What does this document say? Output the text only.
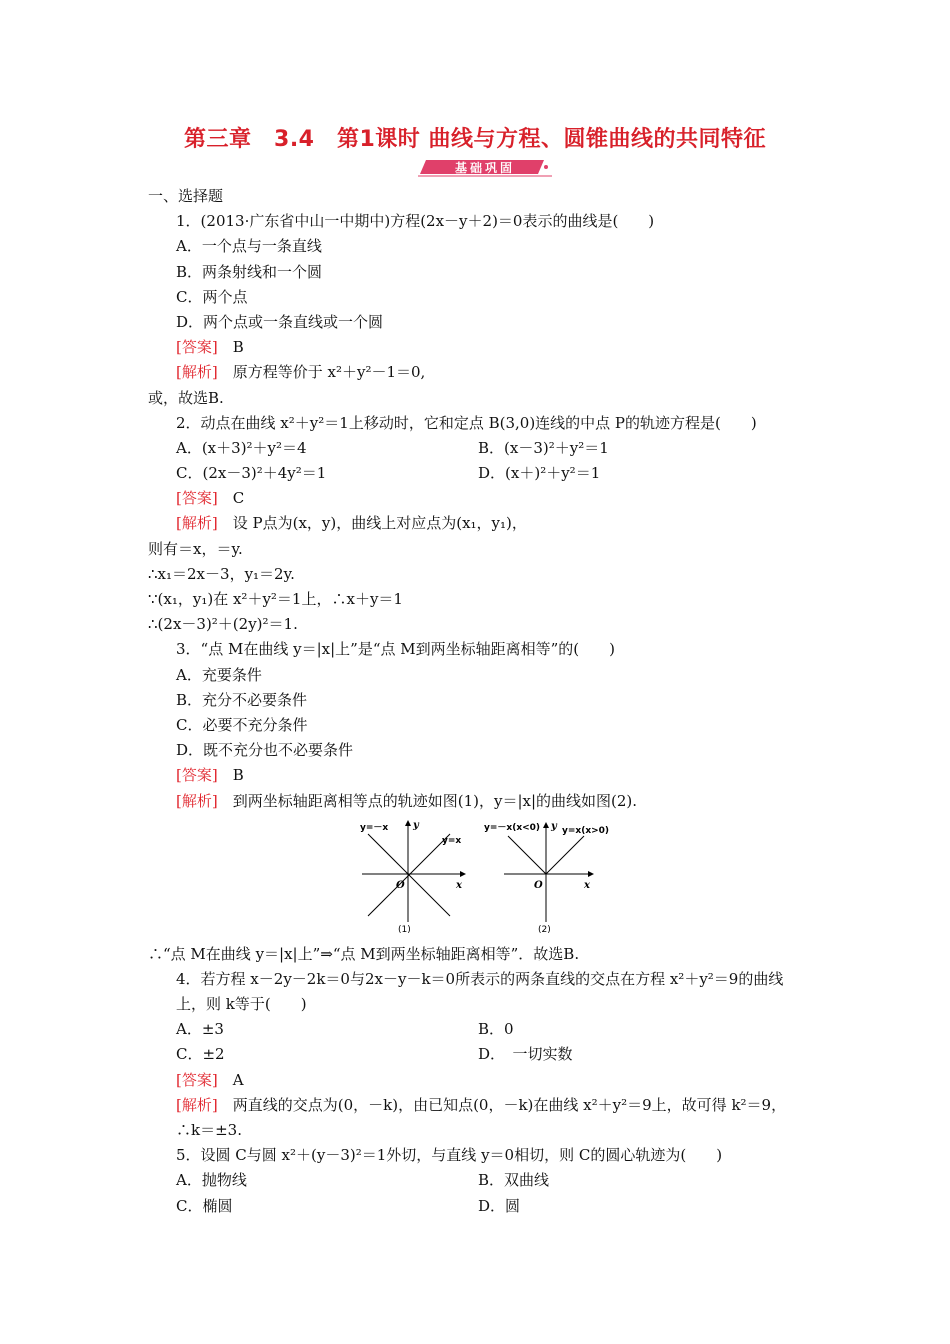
第三章　3.4　第1课时 曲线与方程、圆锥曲线的共同特征
基础巩固
一、选择题
1．(2013·广东省中山一中期中)方程(2x－y＋2)＝0表示的曲线是(　　)
A．一个点与一条直线
B．两条射线和一个圆
C．两个点
D．两个点或一条直线或一个圆
[答案]　 B
[解析]　 原方程等价于 x²＋y²－1＝0,
或，故选B.
2．动点在曲线 x²＋y²＝1上移动时，它和定点 B(3,0)连线的中点 P的轨迹方程是(　　)
A．(x＋3)²＋y²＝4	B．(x－3)²＋y²＝1
C．(2x－3)²＋4y²＝1	D．(x＋)²＋y²＝1
[答案]　 C
[解析]　 设 P点为(x，y)，曲线上对应点为(x₁，y₁)，
则有＝x，＝y.
∴x₁＝2x－3，y₁＝2y.
∵(x₁，y₁)在 x²＋y²＝1上，∴x＋y＝1
∴(2x－3)²＋(2y)²＝1.
3．“点 M在曲线 y＝|x|上”是“点 M到两坐标轴距离相等”的(　　)
A．充要条件
B．充分不必要条件
C．必要不充分条件
D．既不充分也不必要条件
[答案]　 B
[解析]　 到两坐标轴距离相等点的轨迹如图(1)，y＝|x|的曲线如图(2).
y=－x
y=x
O	x
y
(1)
y=－x(x<0) y=x(x>0)
O	x
y
(2)
∴“点 M在曲线 y＝|x|上”⇒“点 M到两坐标轴距离相等”．故选B.
4．若方程 x－2y－2k＝0与2x－y－k＝0所表示的两条直线的交点在方程 x²＋y²＝9的曲线上，则 k等于(　　)
A．±3	B．0
C．±2	D．　一切实数
[答案]　 A
[解析]　 两直线的交点为(0，－k)，由已知点(0，－k)在曲线 x²＋y²＝9上，故可得 k²＝9，∴k＝±3.
5．设圆 C与圆 x²＋(y－3)²＝1外切，与直线 y＝0相切，则 C的圆心轨迹为(　　)
A．抛物线	B．双曲线
C．椭圆	D．圆
